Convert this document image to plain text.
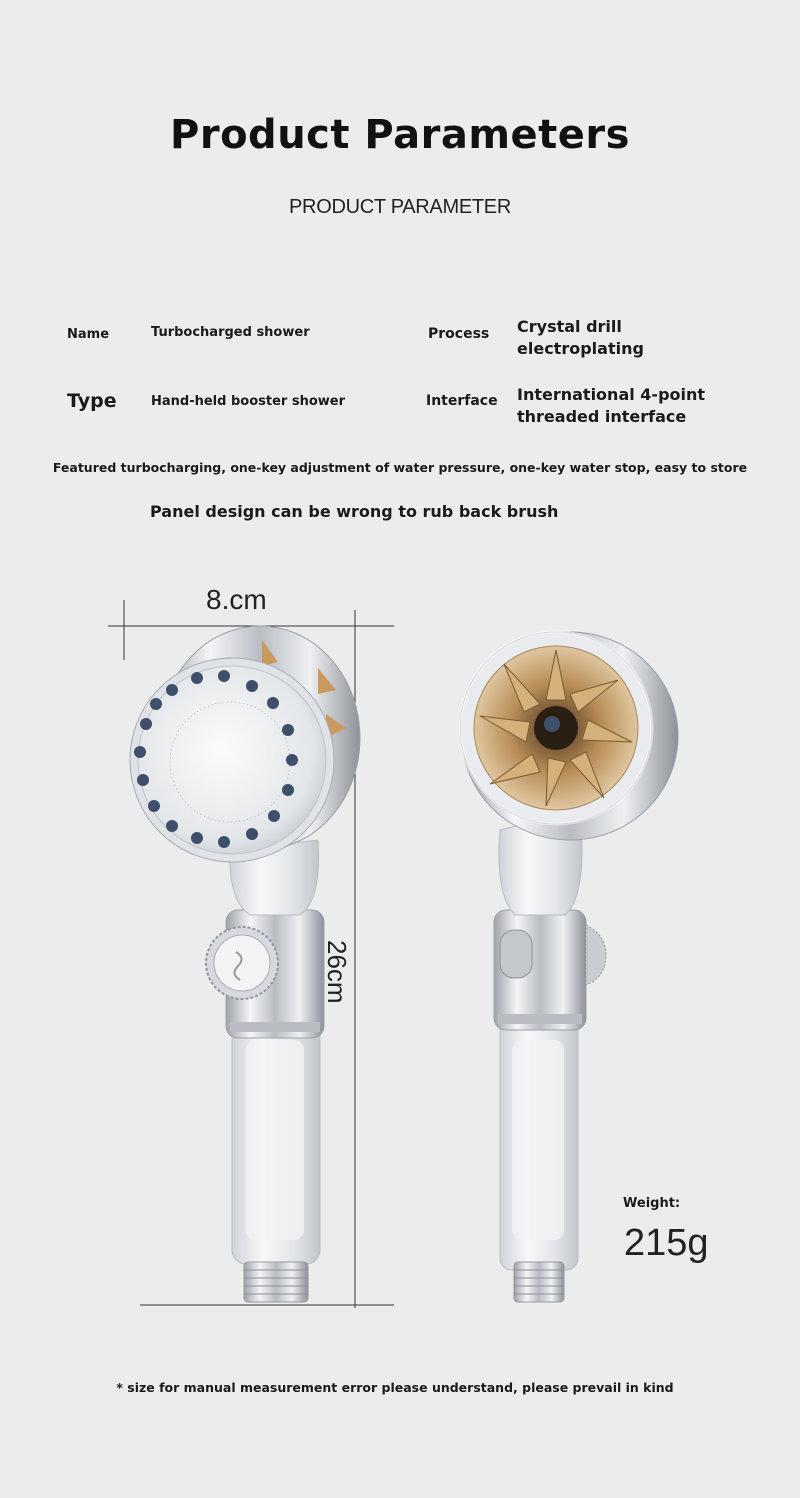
Product Parameters
PRODUCT PARAMETER
Name	Turbocharged shower
Type	Hand-held booster shower
Process Crystal drill electroplating
Interface International 4-point threaded interface
Featured turbocharging, one-key adjustment of water pressure, one-key water stop, easy to store
Panel design can be wrong to rub back brush
8.cm
26cm
Weight:
215g
* size for manual measurement error please understand, please prevail in kind
